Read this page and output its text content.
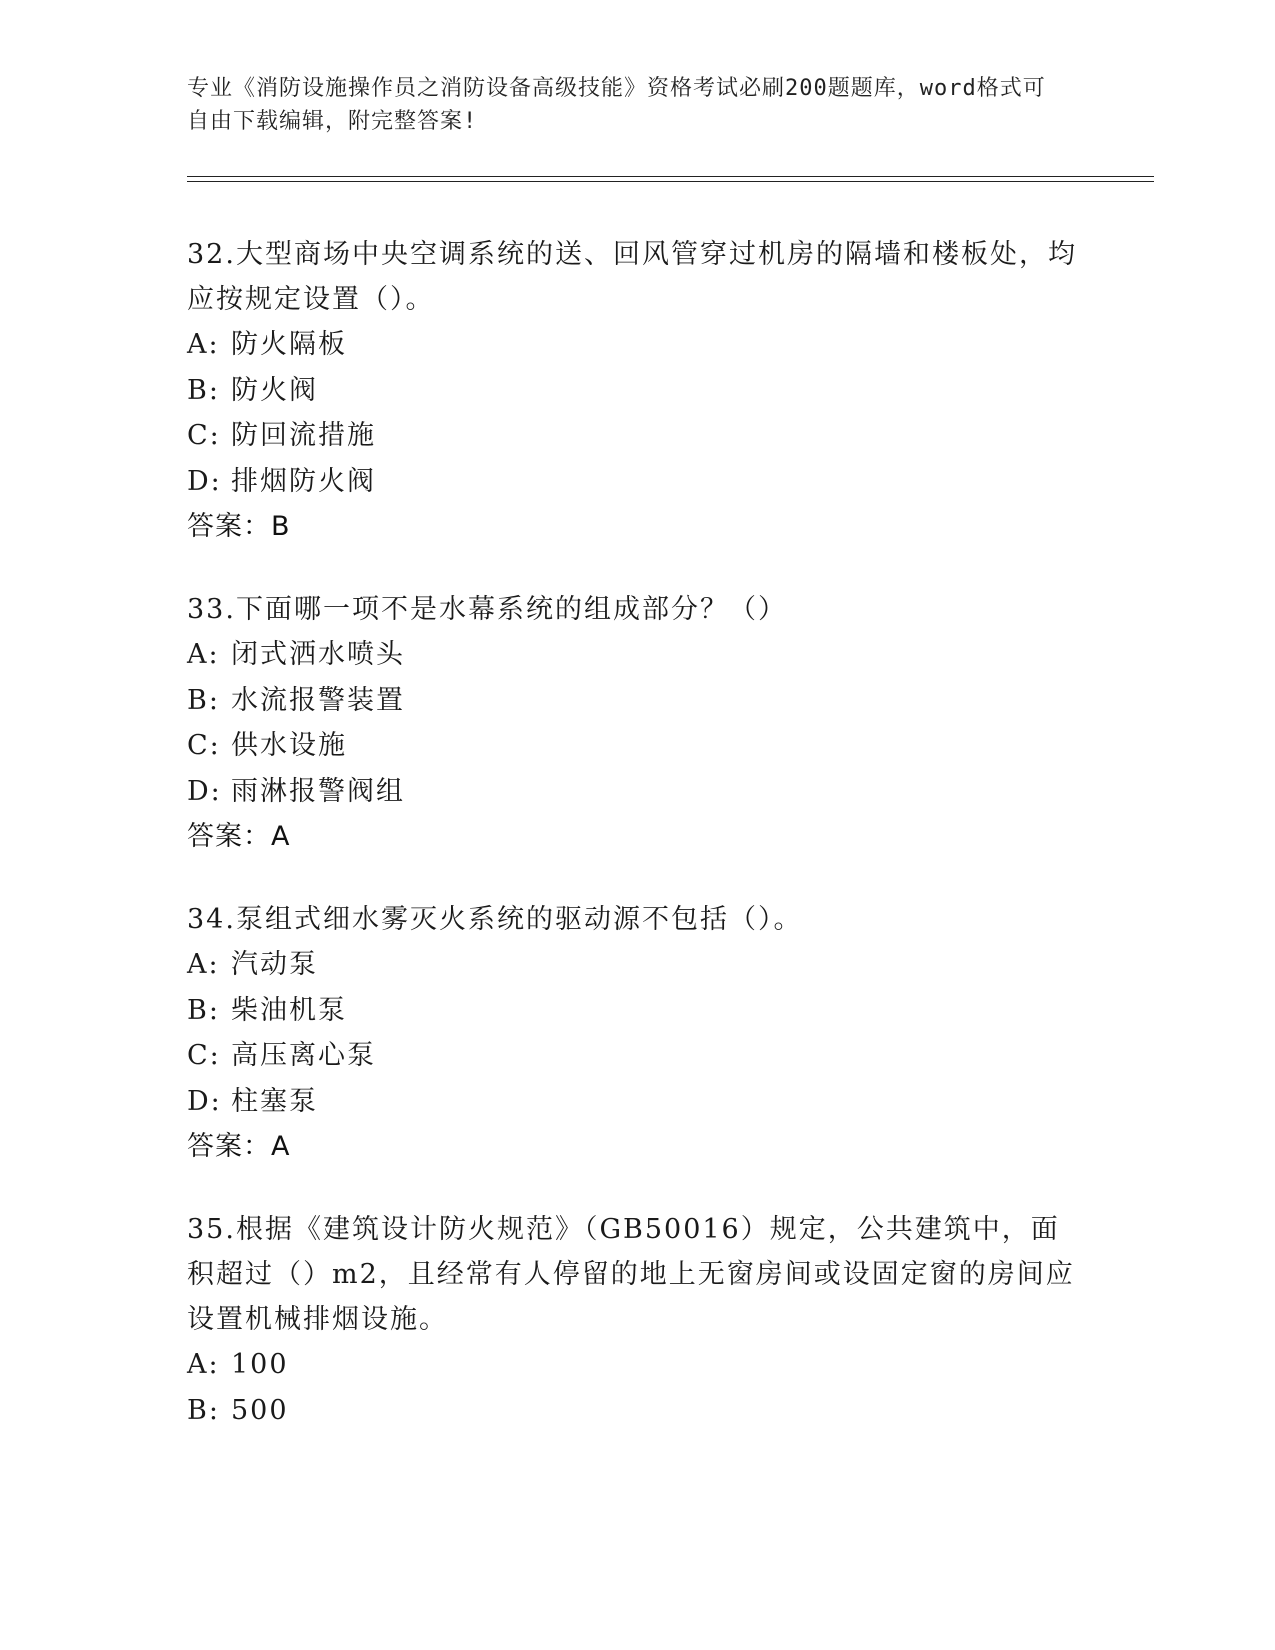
专业《消防设施操作员之消防设备高级技能》资格考试必刷200题题库，word格式可自由下载编辑，附完整答案!

32.大型商场中央空调系统的送、回风管穿过机房的隔墙和楼板处，均应按规定设置（）。

A: 防火隔板
B: 防火阀
C: 防回流措施
D: 排烟防火阀
答案：B

33.下面哪一项不是水幕系统的组成部分？（）

A: 闭式洒水喷头
B: 水流报警装置
C: 供水设施
D: 雨淋报警阀组
答案：A

34.泵组式细水雾灭火系统的驱动源不包括（）。

A: 汽动泵
B: 柴油机泵
C: 高压离心泵
D: 柱塞泵
答案：A

35.根据《建筑设计防火规范》（GB50016）规定，公共建筑中，面积超过（）m2，且经常有人停留的地上无窗房间或设固定窗的房间应设置机械排烟设施。

A: 100
B: 500
